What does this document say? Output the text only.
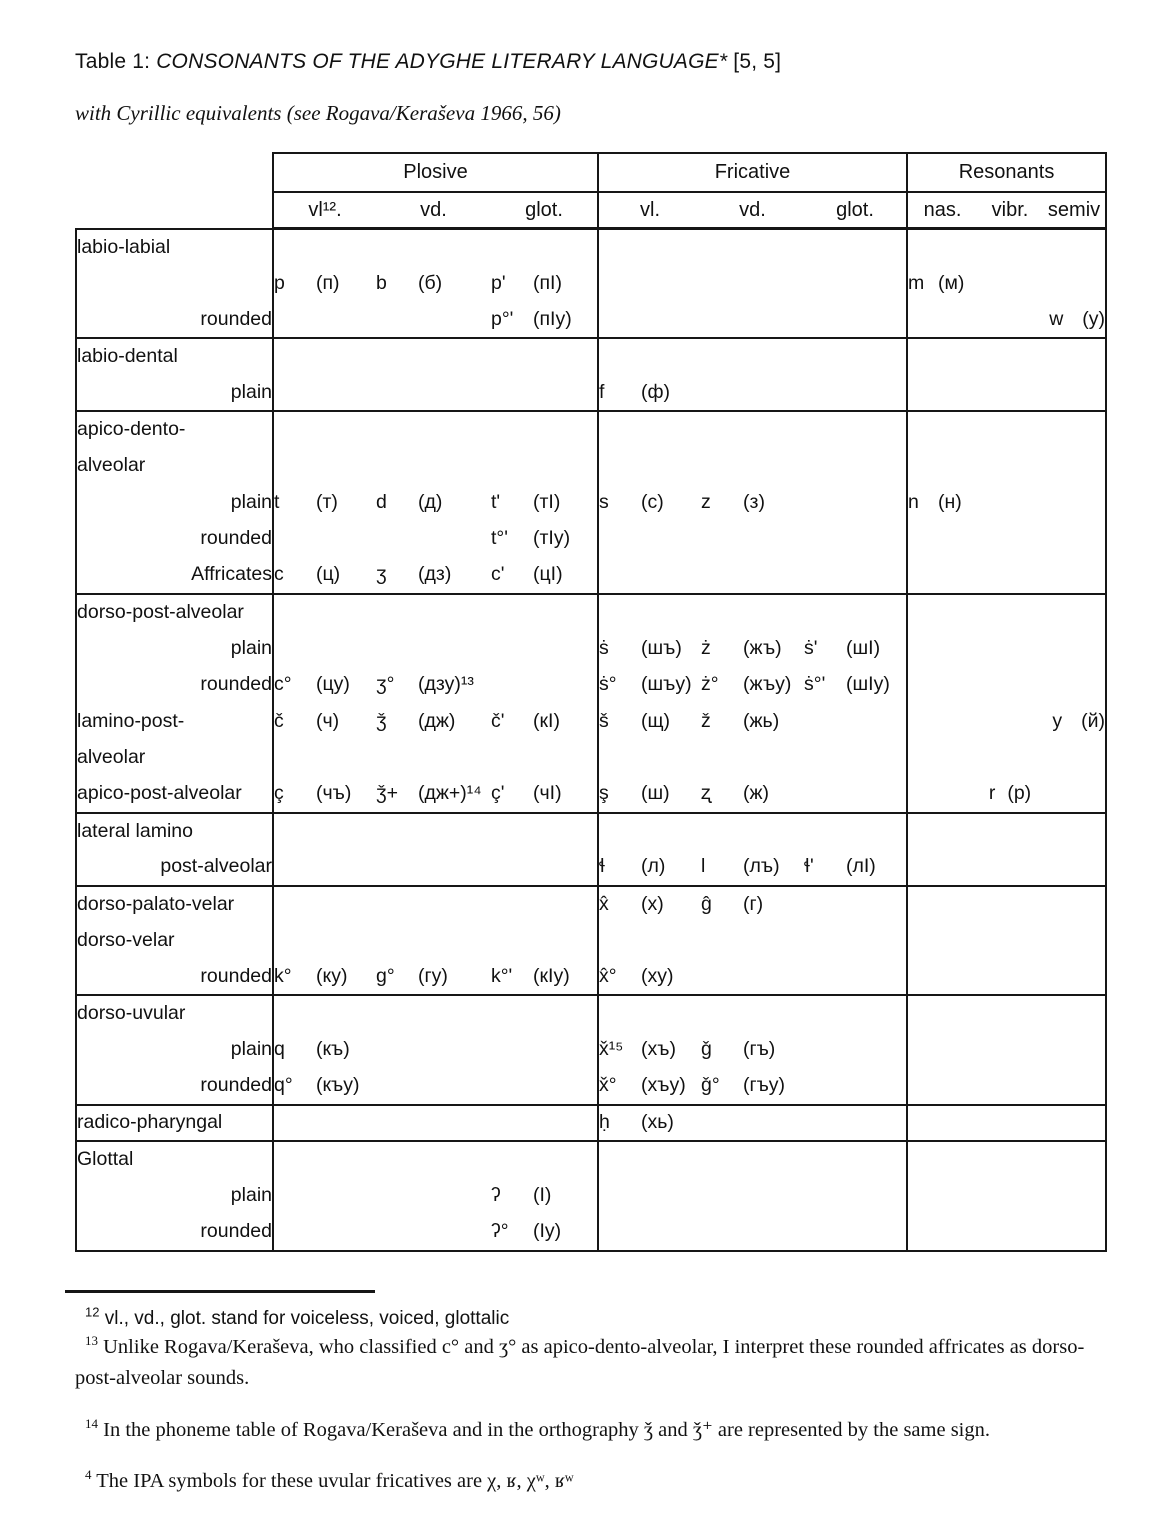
Table 1: CONSONANTS OF THE ADYGHE LITERARY LANGUAGE* [5, 5]
with Cyrillic equivalents (see Rogava/Keraševa 1966, 56)
	Plosive			Fricative			Resonants		
	vl¹².	vd.	glot.	vl.	vd.	glot.	nas.	vibr.	semiv
labio-labial									
	p (п)	b (б)	p' (пI)				m (м)		
rounded			p°' (пIу)						w (у)
labio-dental									
plain				f (ф)					
apico-dento-									
alveolar									
plain	t (т)	d (д)	t' (тI)	s (с)	z (з)		n (н)		
rounded			t°' (тIу)						
Affricates	c (ц)	ʒ (дз)	c' (цI)						
dorso-post-alveolar									
plain				ṡ (шъ)	ż (жъ)	ṡ' (шI)			
rounded	c° (цу)	ʒ° (дзу)¹³		ṡ° (шъу)	ż° (жъу)	ṡ°' (шIу)			
lamino-post-	č (ч)	ǯ (дж)	č' (кI)	š (щ)	ž (жь)				y (й)
alveolar									
apico-post-alveolar	ç (чъ)	ǯ+ (дж+)¹⁴	ç' (чI)	ş (ш)	ʐ (ж)			r (р)	
lateral lamino									
post-alveolar				ɬ (л)	l (лъ)	ɬ' (лI)			
dorso-palato-velar				x̂ (х)	ĝ (г)				
dorso-velar									
rounded	k° (ку)	g° (гу)	k°' (кIу)	x̂° (ху)					
dorso-uvular									
plain	q (къ)			x̌¹⁵ (хъ)	ǧ (гъ)				
rounded	q° (къу)			x̌° (хъу)	ǧ° (гъу)				
radico-pharyngal				ḥ (хь)					
Glottal									
plain			ʔ (I)						
rounded			ʔ° (Iу)						

$^{12}$ vl., vd., glot. stand for voiceless, voiced, glottalic

$^{13}$ Unlike Rogava/Keraševa, who classified c° and ʒ° as apico-dento-alveolar, I interpret these rounded affricates as dorso-post-alveolar sounds.

$^{14}$ In the phoneme table of Rogava/Keraševa and in the orthography ǯ and ǯ⁺ are represented by the same sign.

$^4$ The IPA symbols for these uvular fricatives are χ, ʁ, χʷ, ʁʷ
